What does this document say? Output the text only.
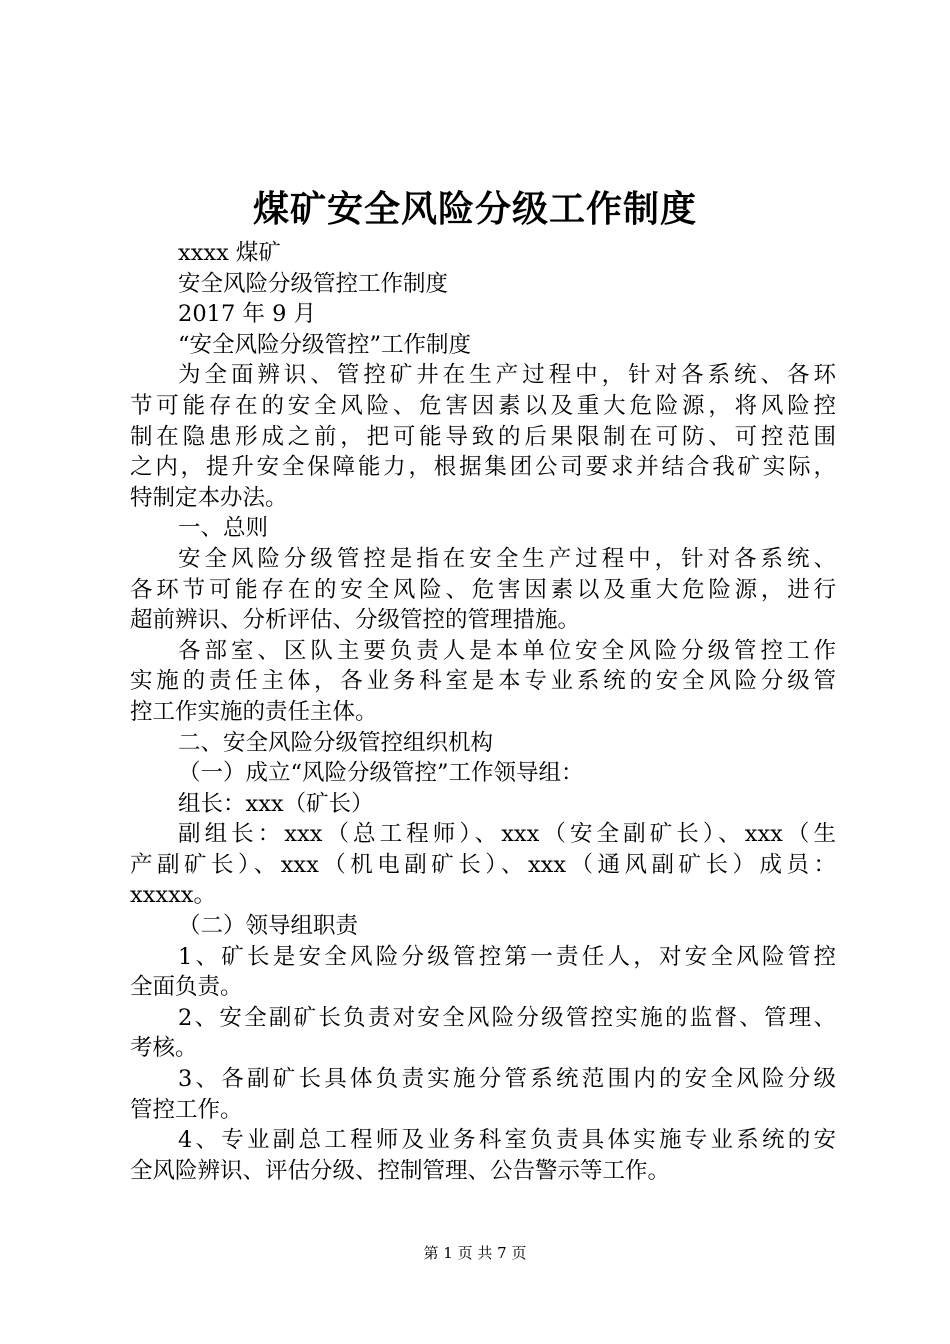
煤矿安全风险分级工作制度
xxxx 煤矿
安全风险分级管控工作制度
2017 年 9 月
“安全风险分级管控”工作制度
为全面辨识、管控矿井在生产过程中，针对各系统、各环
节可能存在的安全风险、危害因素以及重大危险源，将风险控
制在隐患形成之前，把可能导致的后果限制在可防、可控范围
之内，提升安全保障能力，根据集团公司要求并结合我矿实际，
特制定本办法。
一、总则
安全风险分级管控是指在安全生产过程中，针对各系统、
各环节可能存在的安全风险、危害因素以及重大危险源，进行
超前辨识、分析评估、分级管控的管理措施。
各部室、区队主要负责人是本单位安全风险分级管控工作
实施的责任主体，各业务科室是本专业系统的安全风险分级管
控工作实施的责任主体。
二、安全风险分级管控组织机构
（一）成立“风险分级管控”工作领导组：
组长：xxx（矿长）
副组长：xxx（总工程师）、xxx（安全副矿长）、xxx（生
产副矿长）、xxx（机电副矿长）、xxx（通风副矿长）成员：
xxxxx。
（二）领导组职责
1、矿长是安全风险分级管控第一责任人，对安全风险管控
全面负责。
2、安全副矿长负责对安全风险分级管控实施的监督、管理、
考核。
3、各副矿长具体负责实施分管系统范围内的安全风险分级
管控工作。
4、专业副总工程师及业务科室负责具体实施专业系统的安
全风险辨识、评估分级、控制管理、公告警示等工作。
第 1 页 共 7 页
